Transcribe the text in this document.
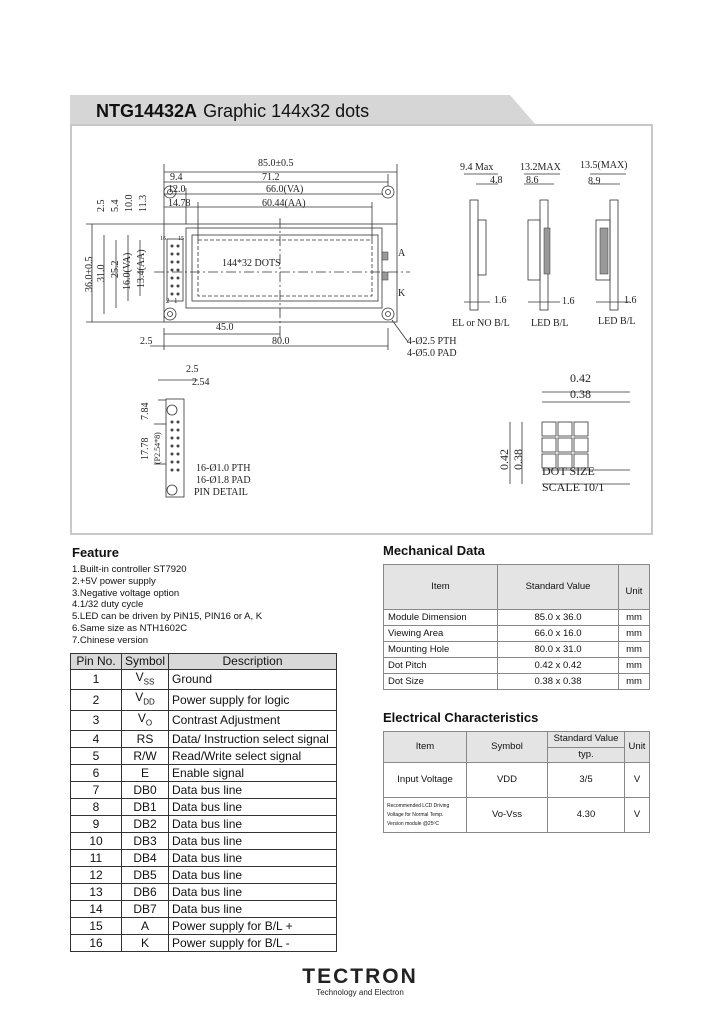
NTG14432A Graphic 144x32 dots
85.0±0.5
9.4	71.2
12.0	66.0(VA)
14.78	60.44(AA)
45.0
80.0
2.5
36.0±0.5 31.0 25.2 16.0(VA) 13.4(AA)
2.5 5.4 10.0 11.3
144*32 DOTS
16 15
2 1
A
K
4-Ø2.5 PTH
4-Ø5.0 PAD
9.4 Max
4.8
1.6
EL or NO B/L
13.2MAX
8.6
1.6
LED B/L
13.5(MAX)
8.9
1.6
LED B/L
2.5
2.54
7.84
17.78 (P2.54*8)
16-Ø1.0 PTH
16-Ø1.8 PAD
PIN DETAIL
0.42
0.38
0.42 0.38
DOT SIZE
SCALE 10/1
Feature
1.Built-in controller ST7920
2.+5V power supply
3.Negative voltage option
4.1/32 duty cycle
5.LED can be driven by PiN15, PIN16 or A, K
6.Same size as NTH1602C
7.Chinese version
Pin No.	Symbol	Description
1	$V_{SS}$	Ground
2	$V_{DD}$	Power supply for logic
3	$V_O$	Contrast Adjustment
4	RS	Data/ Instruction select signal
5	R/W	Read/Write select signal
6	E	Enable signal
7	DB0	Data bus line
8	DB1	Data bus line
9	DB2	Data bus line
10	DB3	Data bus line
11	DB4	Data bus line
12	DB5	Data bus line
13	DB6	Data bus line
14	DB7	Data bus line
15	A	Power supply for B/L +
16	K	Power supply for B/L -
Mechanical Data
Item	Standard Value	Unit
Module Dimension	85.0 x 36.0	mm
Viewing Area	66.0 x 16.0	mm
Mounting Hole	80.0 x 31.0	mm
Dot Pitch	0.42 x 0.42	mm
Dot Size	0.38 x 0.38	mm
Electrical Characteristics
Item	Symbol	Standard Value	Unit
		typ.	
Input Voltage	VDD	3/5	V

Recommended LCD Driving
Voltage for Normal Temp.
Version module @25ºC	Vo-Vss	4.30	V
TECTRON
Technology and Electron
